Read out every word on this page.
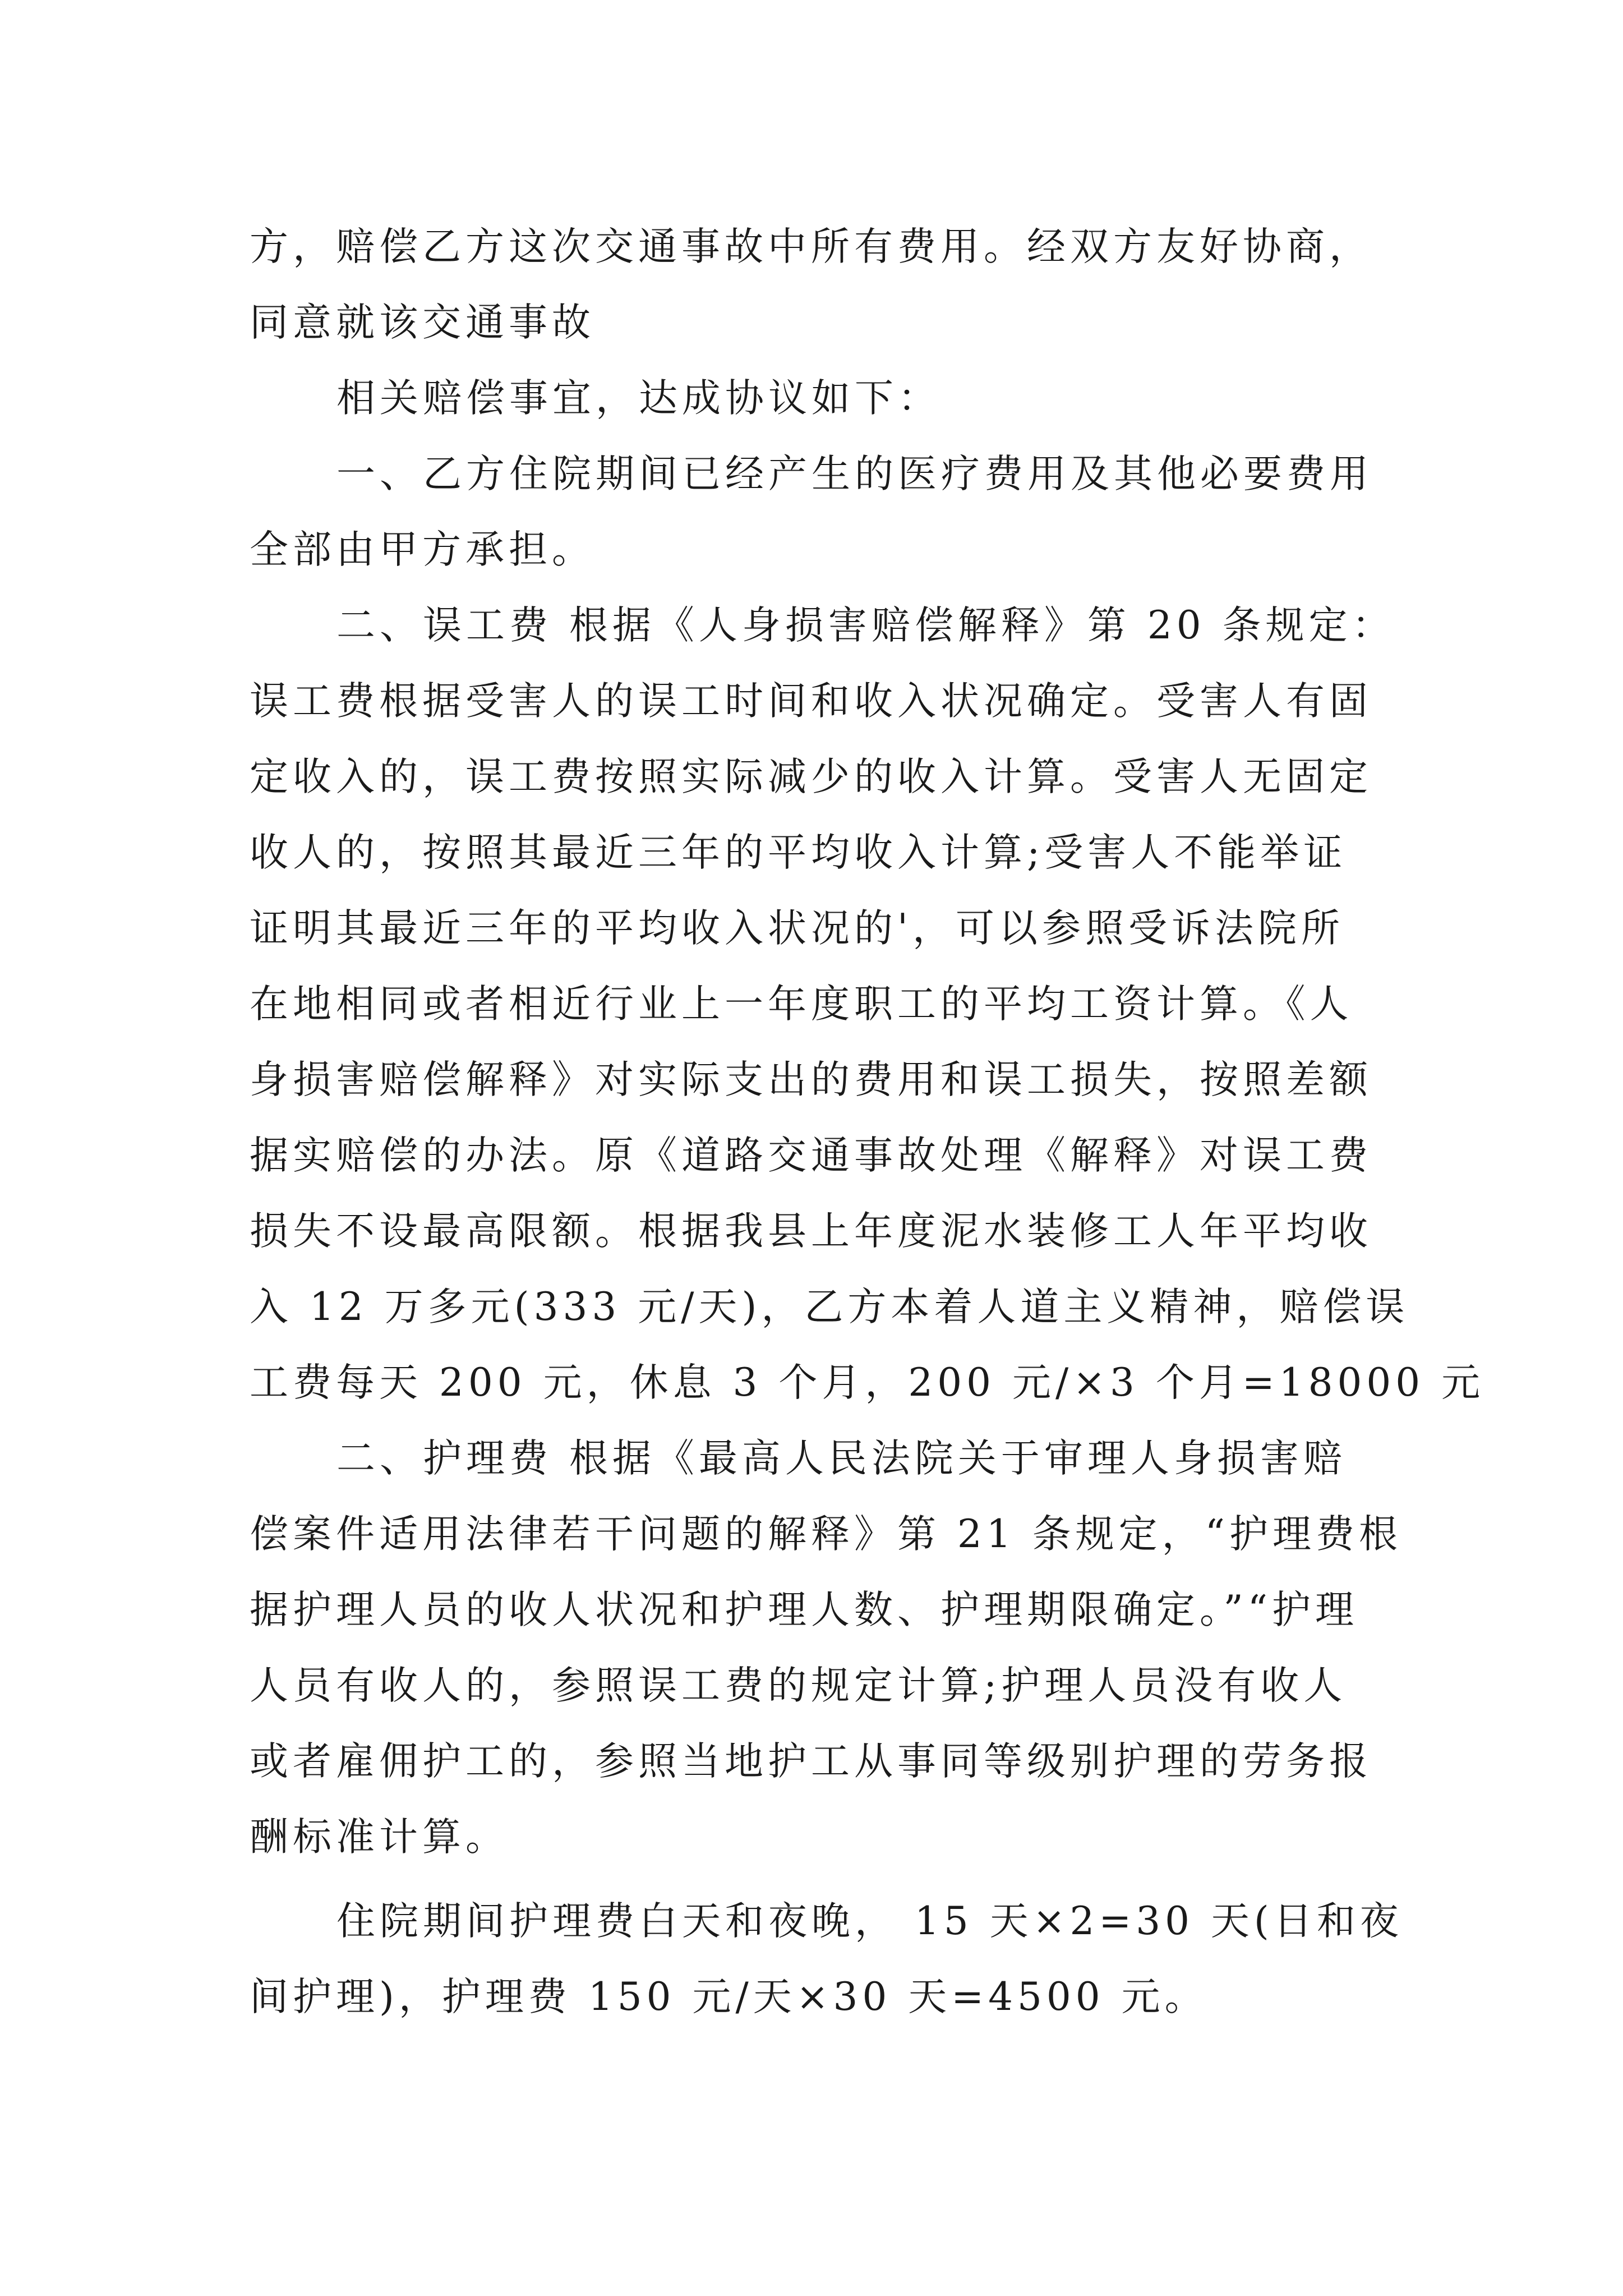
方，赔偿乙方这次交通事故中所有费用。经双方友好协商，

同意就该交通事故

相关赔偿事宜，达成协议如下：

一、乙方住院期间已经产生的医疗费用及其他必要费用

全部由甲方承担。

二、误工费 根据《人身损害赔偿解释》第 20 条规定：

误工费根据受害人的误工时间和收入状况确定。受害人有固

定收入的，误工费按照实际减少的收入计算。受害人无固定

收人的，按照其最近三年的平均收入计算;受害人不能举证

证明其最近三年的平均收入状况的'，可以参照受诉法院所

在地相同或者相近行业上一年度职工的平均工资计算。《人

身损害赔偿解释》对实际支出的费用和误工损失，按照差额

据实赔偿的办法。原《道路交通事故处理《解释》对误工费

损失不设最高限额。根据我县上年度泥水装修工人年平均收

入 12 万多元(333 元/天)，乙方本着人道主义精神，赔偿误

工费每天 200 元，休息 3 个月，200 元/×3 个月=18000 元

二、护理费 根据《最高人民法院关于审理人身损害赔

偿案件适用法律若干问题的解释》第 21 条规定，“护理费根

据护理人员的收人状况和护理人数、护理期限确定。”“护理

人员有收人的，参照误工费的规定计算;护理人员没有收人

或者雇佣护工的，参照当地护工从事同等级别护理的劳务报

酬标准计算。

住院期间护理费白天和夜晚， 15 天×2=30 天(日和夜

间护理)，护理费 150 元/天×30 天=4500 元。
